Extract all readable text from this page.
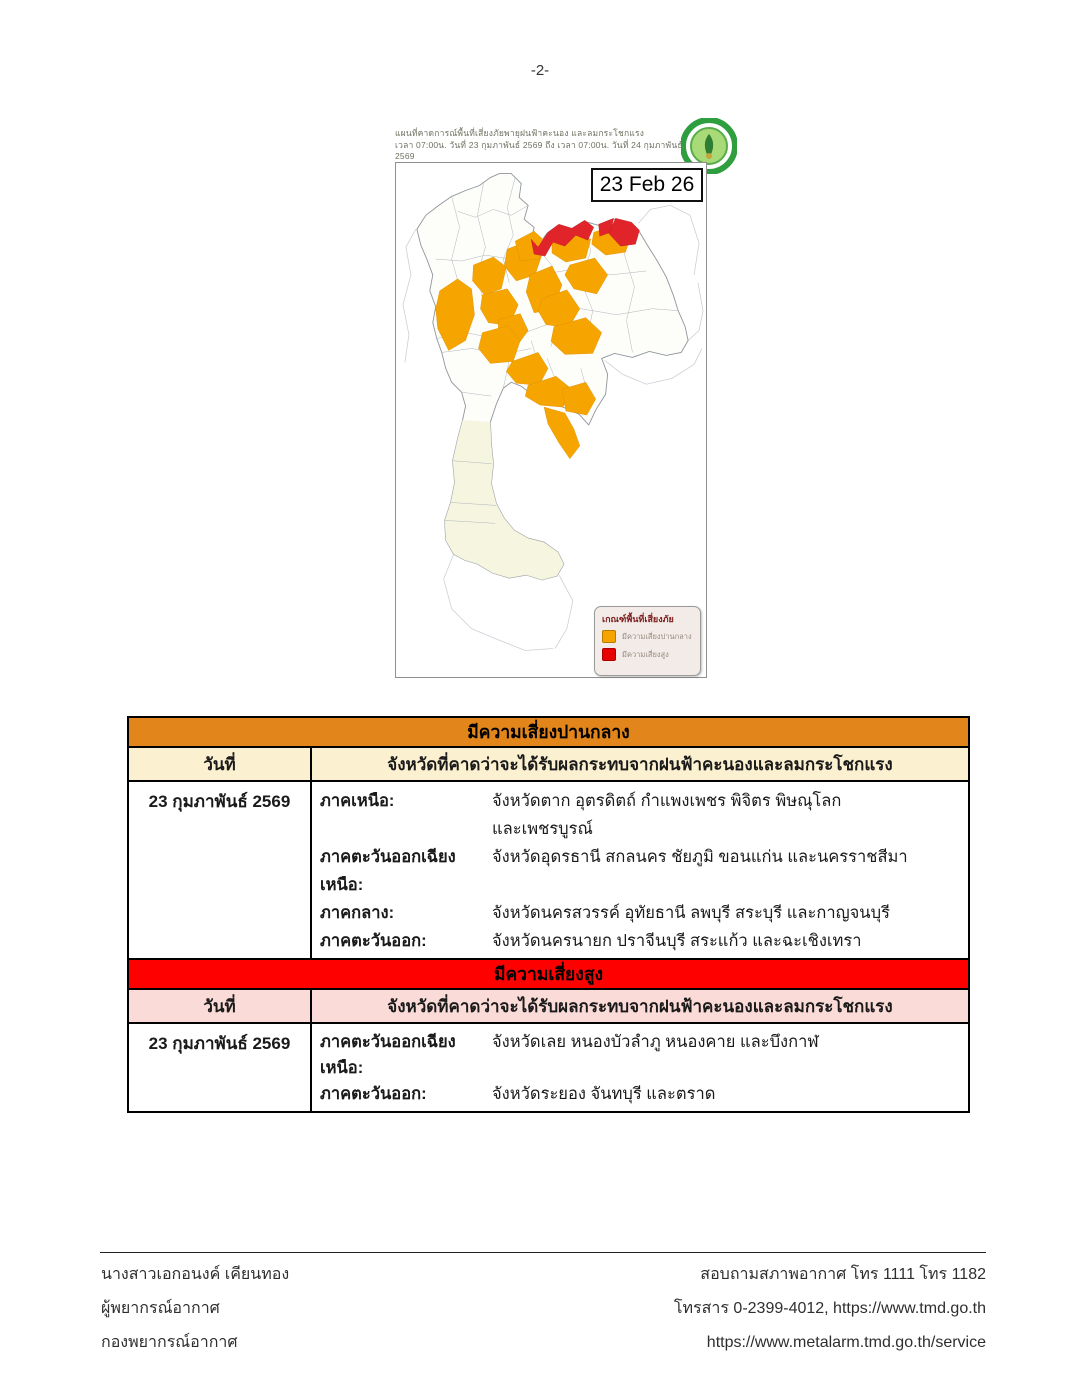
-2-
แผนที่คาดการณ์พื้นที่เสี่ยงภัยพายุฝนฟ้าคะนอง และลมกระโชกแรง
เวลา 07:00น. วันที่ 23 กุมภาพันธ์ 2569 ถึง เวลา 07:00น. วันที่ 24 กุมภาพันธ์ 2569
23 Feb 26
เกณฑ์พื้นที่เสี่ยงภัย
มีความเสี่ยงปานกลาง
มีความเสี่ยงสูง
มีความเสี่ยงปานกลาง
วันที่	จังหวัดที่คาดว่าจะได้รับผลกระทบจากฝนฟ้าคะนองและลมกระโชกแรง
23 กุมภาพันธ์ 2569	ภาคเหนือ:	จังหวัดตาก อุตรดิตถ์ กำแพงเพชร พิจิตร พิษณุโลก
และเพชรบูรณ์
ภาคตะวันออกเฉียงเหนือ:
จังหวัดอุดรธานี สกลนคร ชัยภูมิ ขอนแก่น และนครราชสีมา
ภาคกลาง:	จังหวัดนครสวรรค์ อุทัยธานี ลพบุรี สระบุรี และกาญจนบุรี
ภาคตะวันออก:	จังหวัดนครนายก ปราจีนบุรี สระแก้ว และฉะเชิงเทรา
มีความเสี่ยงสูง
วันที่	จังหวัดที่คาดว่าจะได้รับผลกระทบจากฝนฟ้าคะนองและลมกระโชกแรง
23 กุมภาพันธ์ 2569	ภาคตะวันออกเฉียงเหนือ:
จังหวัดเลย หนองบัวลำภู หนองคาย และบึงกาฬ
ภาคตะวันออก:	จังหวัดระยอง จันทบุรี และตราด
นางสาวเอกอนงค์ เคียนทอง
ผู้พยากรณ์อากาศ
กองพยากรณ์อากาศ
สอบถามสภาพอากาศ โทร 1111 โทร 1182
โทรสาร 0-2399-4012, https://www.tmd.go.th
https://www.metalarm.tmd.go.th/service
